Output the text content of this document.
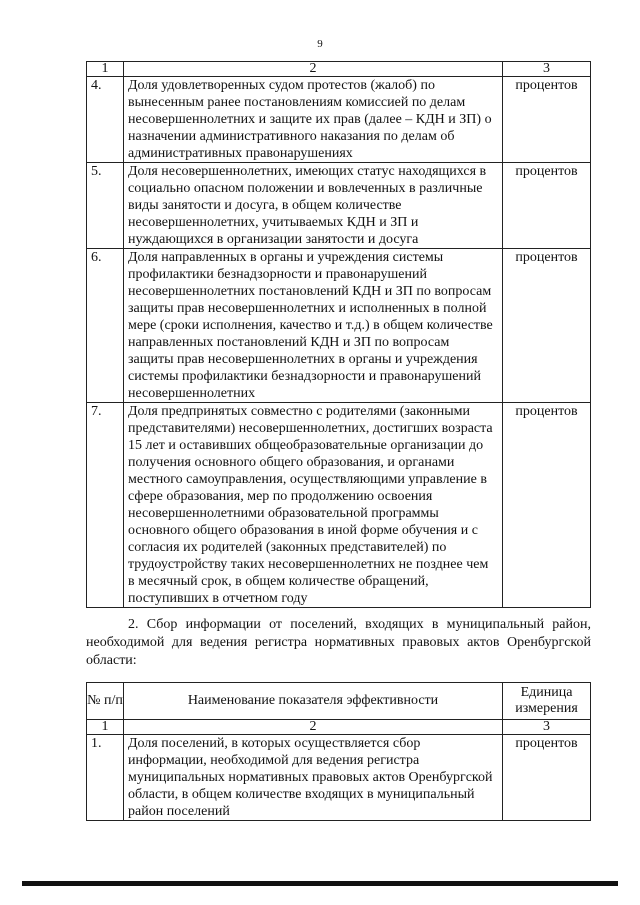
9
1	2	3
4.	Доля удовлетворенных судом протестов (жалоб) по вынесенным ранее постановлениям комиссией по делам несовершеннолетних и защите их прав (далее – КДН и ЗП) о назначении административного наказания по делам об административных правонарушениях	процентов
5.	Доля несовершеннолетних, имеющих статус находящихся в социально опасном положении и вовлеченных в различные виды занятости и досуга, в общем количестве несовершеннолетних, учитываемых КДН и ЗП и нуждающихся в организации занятости и досуга	процентов
6.	Доля направленных в органы и учреждения системы профилактики безнадзорности и правонарушений несовершеннолетних постановлений КДН и ЗП по вопросам защиты прав несовершеннолетних и исполненных в полной мере (сроки исполнения, качество и т.д.) в общем количестве направленных постановлений КДН и ЗП по вопросам защиты прав несовершеннолетних в органы и учреждения системы профилактики безнадзорности и правонарушений несовершеннолетних	процентов
7.	Доля предпринятых совместно с родителями (законными представителями) несовершеннолетних, достигших возраста 15 лет и оставивших общеобразовательные организации до получения основного общего образования, и органами местного самоуправления, осуществляющими управление в сфере образования, мер по продолжению освоения несовершеннолетними образовательной программы основного общего образования в иной форме обучения и с согласия их родителей (законных представителей) по трудоустройству таких несовершеннолетних не позднее чем в месячный срок, в общем количестве обращений, поступивших в отчетном году	процентов
2. Сбор информации от поселений, входящих в муниципальный район, необходимой для ведения регистра нормативных правовых актов Оренбургской области:
№ п/п	Наименование показателя эффективности	Единица измерения
1	2	3
1.	Доля поселений, в которых осуществляется сбор информации, необходимой для ведения регистра муниципальных нормативных правовых актов Оренбургской области, в общем количестве входящих в муниципальный район поселений	процентов
